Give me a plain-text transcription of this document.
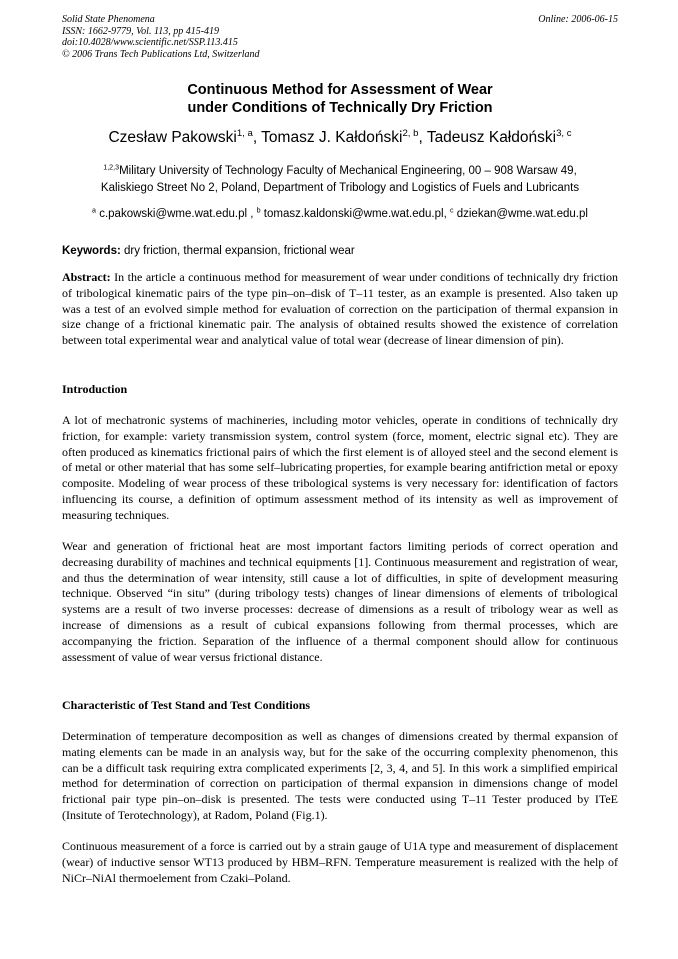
Solid State Phenomena
ISSN: 1662-9779, Vol. 113, pp 415-419
doi:10.4028/www.scientific.net/SSP.113.415
© 2006 Trans Tech Publications Ltd, Switzerland
Online: 2006-06-15
Continuous Method for Assessment of Wear
under Conditions of Technically Dry Friction
Czesław Pakowski$^{1, a}$, Tomasz J. Kałdoński$^{2, b}$, Tadeusz Kałdoński$^{3, c}$
$^{1,2,3}$Military University of Technology Faculty of Mechanical Engineering, 00 – 908 Warsaw 49,
Kaliskiego Street No 2, Poland, Department of Tribology and Logistics of Fuels and Lubricants
$^a$ c.pakowski@wme.wat.edu.pl , $^b$ tomasz.kaldonski@wme.wat.edu.pl, $^c$ dziekan@wme.wat.edu.pl
Keywords: dry friction, thermal expansion, frictional wear
Abstract: In the article a continuous method for measurement of wear under conditions of technically dry friction of tribological kinematic pairs of the type pin–on–disk of T–11 tester, as an example is presented. Also taken up was a test of an evolved simple method for evaluation of correction on the participation of thermal expansion in size change of a frictional kinematic pair. The analysis of obtained results showed the existence of correlation between total experimental wear and analytical value of total wear (decrease of linear dimension of pin).
Introduction
A lot of mechatronic systems of machineries, including motor vehicles, operate in conditions of technically dry friction, for example: variety transmission system, control system (force, moment, electric signal etc). They are often produced as kinematics frictional pairs of which the first element is of alloyed steel and the second element is of metal or other material that has some self–lubricating properties, for example bearing antifriction metal or epoxy composite. Modeling of wear process of these tribological systems is very necessary for: identification of factors influencing its course, a definition of optimum assessment method of its intensity as well as improvement of measuring techniques.
Wear and generation of frictional heat are most important factors limiting periods of correct operation and decreasing durability of machines and technical equipments [1]. Continuous measurement and registration of wear, and thus the determination of wear intensity, still cause a lot of difficulties, in spite of development measuring technique. Observed “in situ” (during tribology tests) changes of linear dimensions of elements of tribological systems are a result of two inverse processes: decrease of dimensions as a result of tribology wear as well as increase of dimensions as a result of cubical expansions following from thermal processes, which are accompanying the friction. Separation of the influence of a thermal component should allow for continuous assessment of value of wear versus frictional distance.
Characteristic of Test Stand and Test Conditions
Determination of temperature decomposition as well as changes of dimensions created by thermal expansion of mating elements can be made in an analysis way, but for the sake of the occurring complexity phenomenon, this can be a difficult task requiring extra complicated experiments [2, 3, 4, and 5]. In this work a simplified empirical method for determination of correction on participation of thermal expansion in dimensions change of model frictional pair type pin–on–disk is presented. The tests were conducted using T–11 Tester produced by ITeE (Insitute of Terotechnology), at Radom, Poland (Fig.1).
Continuous measurement of a force is carried out by a strain gauge of U1A type and measurement of displacement (wear) of inductive sensor WT13 produced by HBM–RFN. Temperature measurement is realized with the help of NiCr–NiAl thermoelement from Czaki–Poland.
